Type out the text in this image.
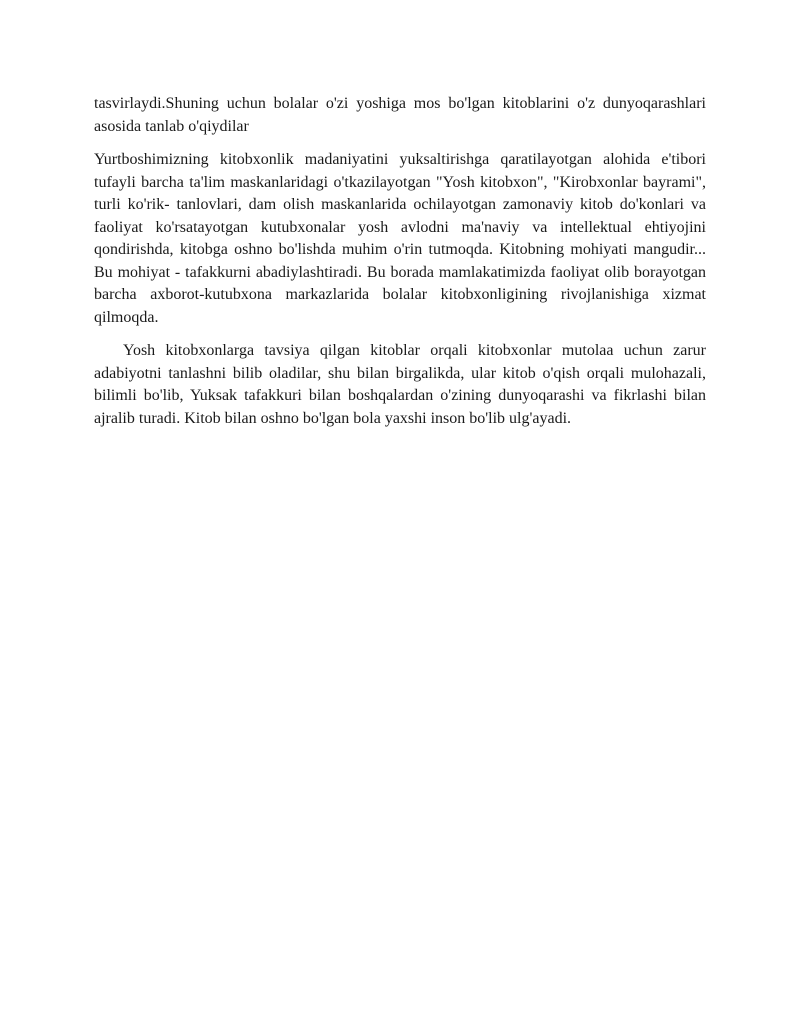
tasvirlaydi.Shuning uchun bolalar o'zi yoshiga mos bo'lgan kitoblarini o'z dunyoqarashlari asosida tanlab o'qiydilar

Yurtboshimizning kitobxonlik madaniyatini yuksaltirishga qaratilayotgan alohida e'tibori tufayli barcha ta'lim maskanlaridagi o'tkazilayotgan "Yosh kitobxon", "Kirobxonlar bayrami", turli ko'rik- tanlovlari, dam olish maskanlarida ochilayotgan zamonaviy kitob do'konlari va faoliyat ko'rsatayotgan kutubxonalar yosh avlodni ma'naviy va intellektual ehtiyojini qondirishda, kitobga oshno bo'lishda muhim o'rin tutmoqda. Kitobning mohiyati mangudir... Bu mohiyat - tafakkurni abadiylashtiradi. Bu borada mamlakatimizda faoliyat olib borayotgan barcha axborot-kutubxona markazlarida bolalar kitobxonligining rivojlanishiga xizmat qilmoqda.

Yosh kitobxonlarga tavsiya qilgan kitoblar orqali kitobxonlar mutolaa uchun zarur adabiyotni tanlashni bilib oladilar, shu bilan birgalikda, ular kitob o'qish orqali mulohazali, bilimli bo'lib, Yuksak tafakkuri bilan boshqalardan o'zining dunyoqarashi va fikrlashi bilan ajralib turadi. Kitob bilan oshno bo'lgan bola yaxshi inson bo'lib ulg'ayadi.
